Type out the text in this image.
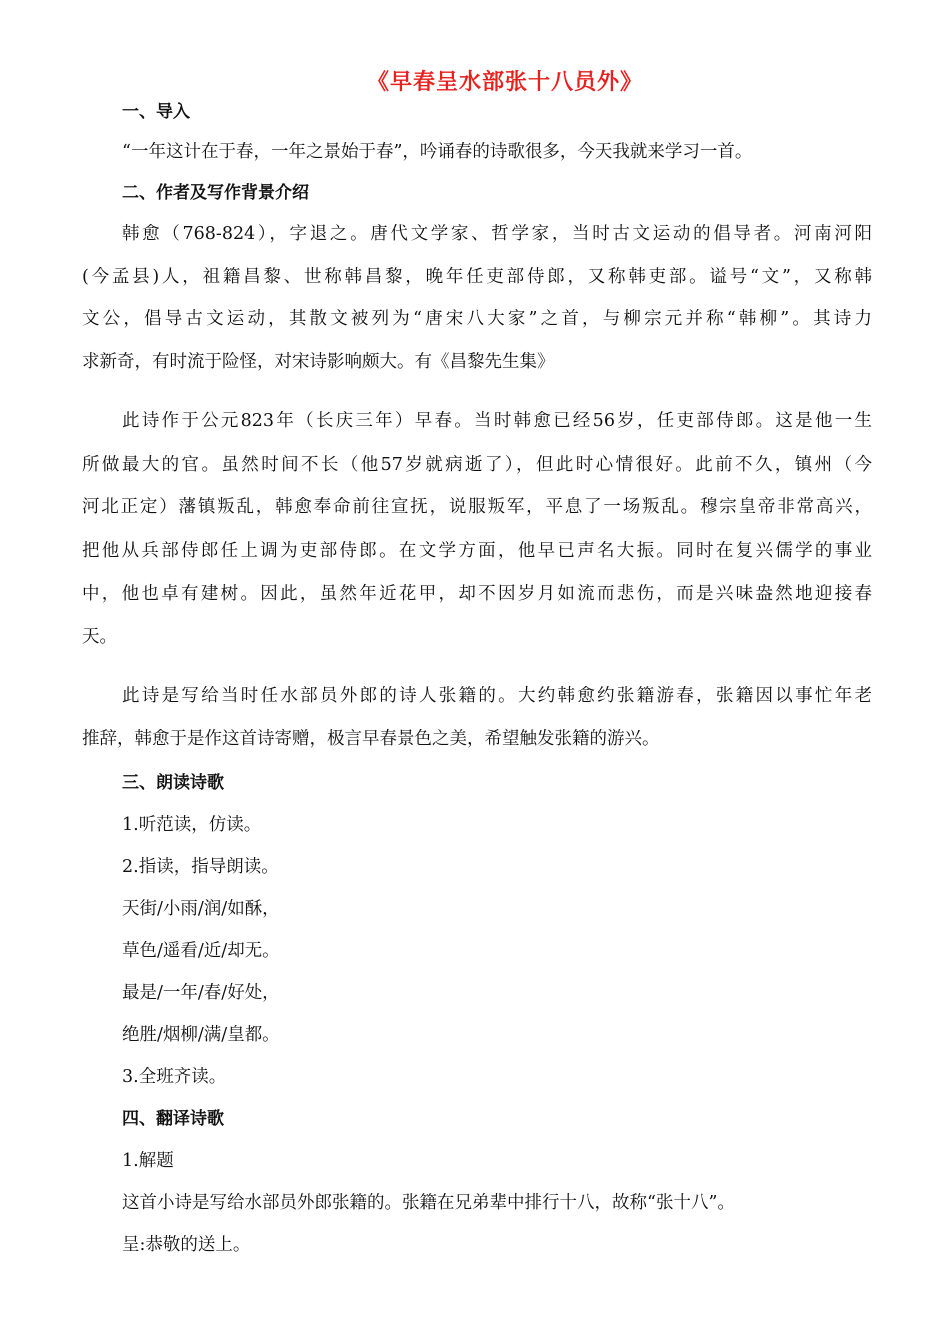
《早春呈水部张十八员外》
一、导入
“一年这计在于春，一年之景始于春”，吟诵春的诗歌很多，今天我就来学习一首。
二、作者及写作背景介绍
韩愈（768-824），字退之。唐代文学家、哲学家，当时古文运动的倡导者。河南河阳
(今孟县)人，祖籍昌黎、世称韩昌黎，晚年任吏部侍郎，又称韩吏部。谥号“文”，又称韩
文公，倡导古文运动，其散文被列为“唐宋八大家”之首，与柳宗元并称“韩柳”。其诗力
求新奇，有时流于险怪，对宋诗影响颇大。有《昌黎先生集》
此诗作于公元823年（长庆三年）早春。当时韩愈已经56岁，任吏部侍郎。这是他一生
所做最大的官。虽然时间不长（他57岁就病逝了），但此时心情很好。此前不久，镇州（今
河北正定）藩镇叛乱，韩愈奉命前往宣抚，说服叛军，平息了一场叛乱。穆宗皇帝非常高兴，
把他从兵部侍郎任上调为吏部侍郎。在文学方面，他早已声名大振。同时在复兴儒学的事业
中，他也卓有建树。因此，虽然年近花甲，却不因岁月如流而悲伤，而是兴味盎然地迎接春
天。
此诗是写给当时任水部员外郎的诗人张籍的。大约韩愈约张籍游春，张籍因以事忙年老
推辞，韩愈于是作这首诗寄赠，极言早春景色之美，希望触发张籍的游兴。
三、朗读诗歌
1.听范读，仿读。
2.指读，指导朗读。
天街/小雨/润/如酥，
草色/遥看/近/却无。
最是/一年/春/好处，
绝胜/烟柳/满/皇都。
3.全班齐读。
四、翻译诗歌
1.解题
这首小诗是写给水部员外郎张籍的。张籍在兄弟辈中排行十八，故称“张十八”。
呈:恭敬的送上。
